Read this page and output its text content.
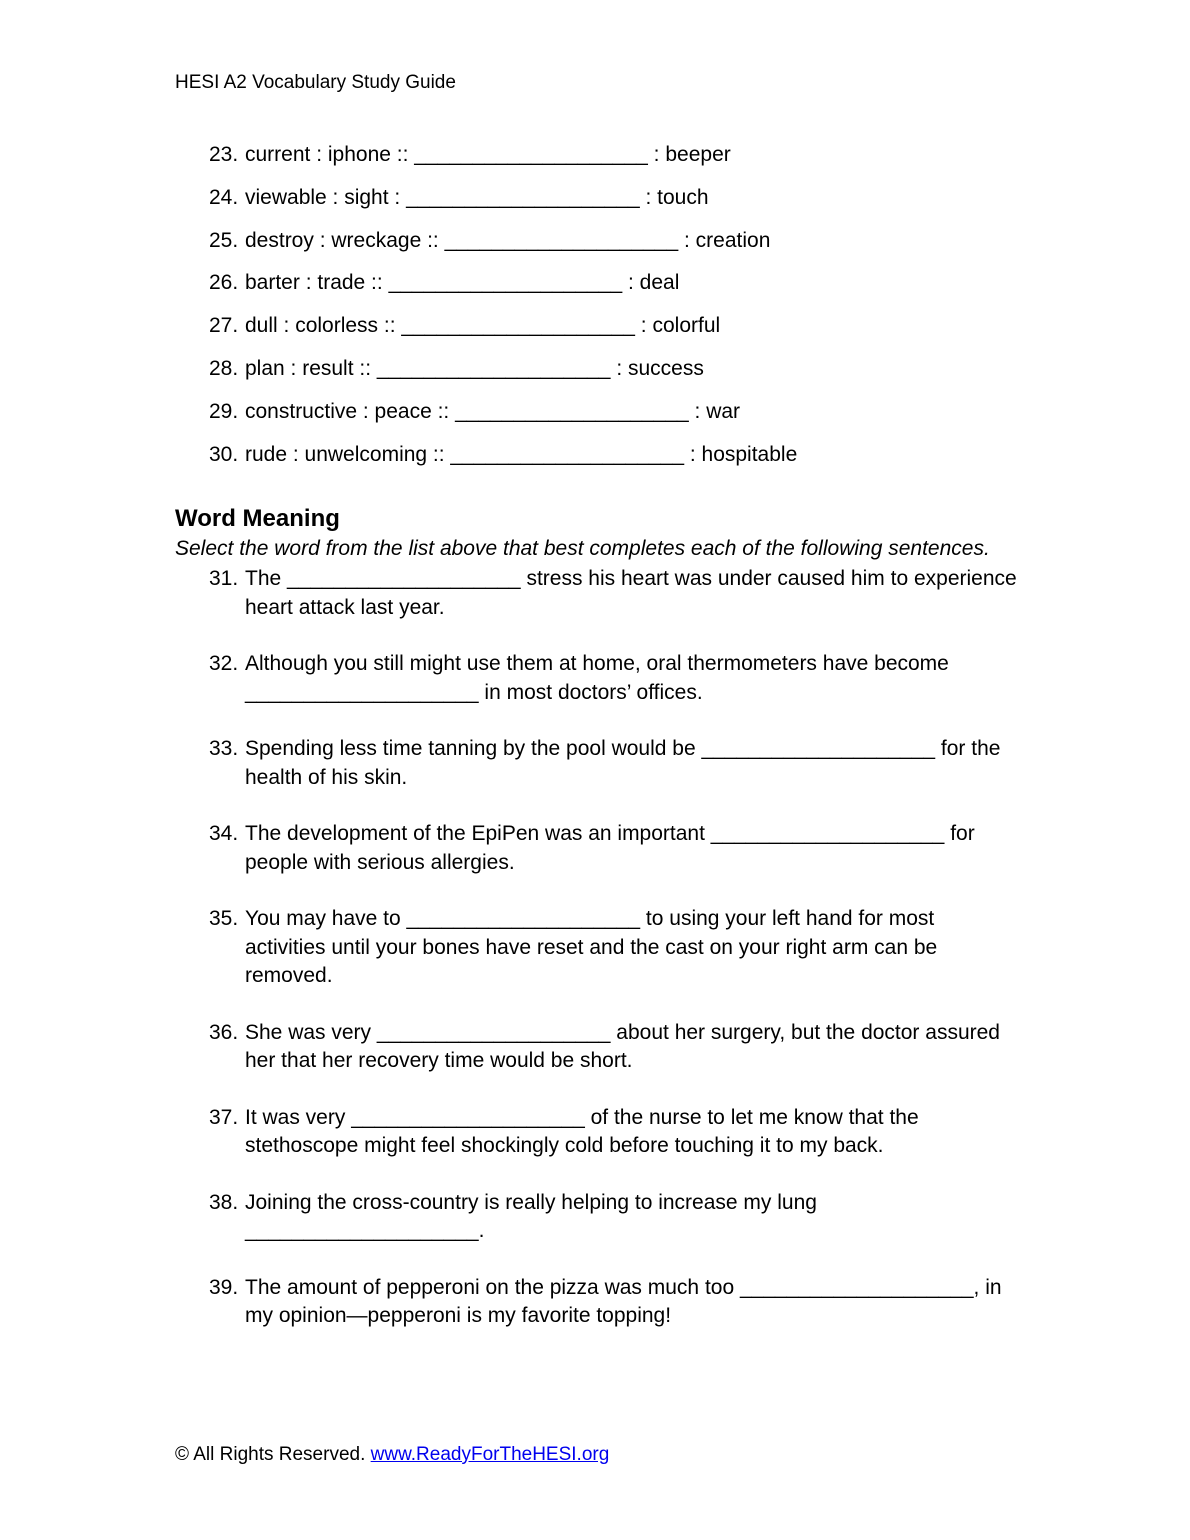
HESI A2 Vocabulary Study Guide
23. current : iphone :: ____________________ : beeper
24. viewable : sight : ____________________ : touch
25. destroy : wreckage :: ____________________ : creation
26. barter : trade :: ____________________ : deal
27. dull : colorless :: ____________________ : colorful
28. plan : result :: ____________________ : success
29. constructive : peace :: ____________________ : war
30. rude : unwelcoming :: ____________________ : hospitable
Word Meaning
Select the word from the list above that best completes each of the following sentences.
31. The ____________________ stress his heart was under caused him to experience heart attack last year.
32. Although you still might use them at home, oral thermometers have become ____________________ in most doctors’ offices.
33. Spending less time tanning by the pool would be ____________________ for the health of his skin.
34. The development of the EpiPen was an important ____________________ for people with serious allergies.
35. You may have to ____________________ to using your left hand for most activities until your bones have reset and the cast on your right arm can be removed.
36. She was very ____________________ about her surgery, but the doctor assured her that her recovery time would be short.
37. It was very ____________________ of the nurse to let me know that the stethoscope might feel shockingly cold before touching it to my back.
38. Joining the cross-country is really helping to increase my lung ____________________.
39. The amount of pepperoni on the pizza was much too ____________________, in my opinion—pepperoni is my favorite topping!
© All Rights Reserved. www.ReadyForTheHESI.org
